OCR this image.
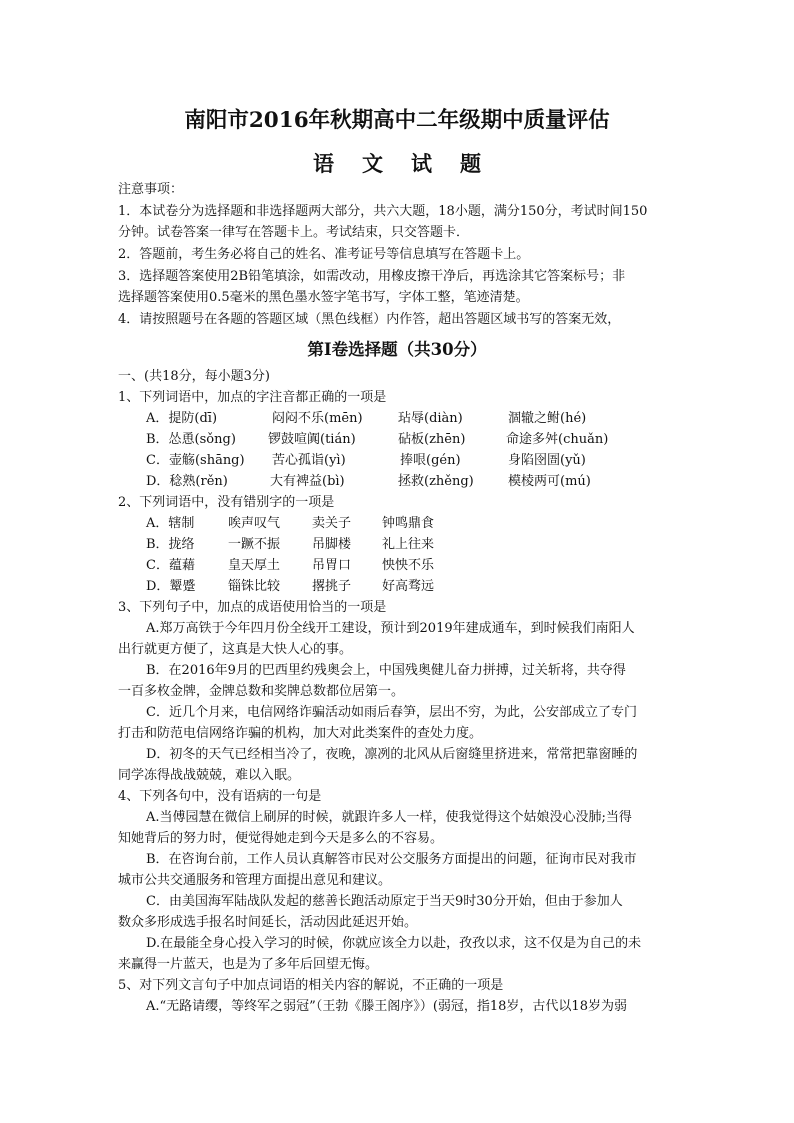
南阳市2016年秋期高中二年级期中质量评估
语 文 试 题
注意事项：
1．本试卷分为选择题和非选择题两大部分，共六大题，18小题，满分150分，考试时间150
分钟。试卷答案一律写在答题卡上。考试结束，只交答题卡．
2．答题前，考生务必将自己的姓名、准考证号等信息填写在答题卡上。
3．选择题答案使用2B铅笔填涂，如需改动，用橡皮擦干净后，再选涂其它答案标号；非
选择题答案使用0.5毫米的黑色墨水签字笔书写，字体工整，笔迹清楚。
4．请按照题号在各题的答题区域（黑色线框）内作答，超出答题区域书写的答案无效，
第Ⅰ卷选择题（共30分）
一、(共18分，每小题3分)
1、下列词语中，加点的字注音都正确的一项是
A．提防(dī)	闷闷不乐(mēn)	玷辱(diàn)	涸辙之鲋(hé)
B．怂恿(sǒng) 锣鼓喧阗(tián)	砧板(zhēn)	命途多舛(chuǎn)
C．壶觞(shāng) 苦心孤诣(yì)	捧哏(gén)	身陷囹圄(yǔ)
D．稔熟(rěn)	大有裨益(bì)	拯救(zhěng)	模棱两可(mú)
2、下列词语中，没有错别字的一项是
A．辖制	唉声叹气 卖关子 钟鸣鼎食
B．拢络	一蹶不振 吊脚楼 礼上往来
C．蕴藉	皇天厚土 吊胃口 怏怏不乐
D．颦蹙	锱铢比较 撂挑子 好高骛远
3、下列句子中，加点的成语使用恰当的一项是
A.郑万高铁于今年四月份全线开工建设，预计到2019年建成通车，到时候我们南阳人
出行就更方便了，这真是大快人心的事。
B．在2016年9月的巴西里约残奥会上，中国残奥健儿奋力拼搏，过关斩将，共夺得
一百多枚金牌，金牌总数和奖牌总数都位居第一。
C．近几个月来，电信网络诈骗活动如雨后春笋，层出不穷，为此，公安部成立了专门
打击和防范电信网络诈骗的机构，加大对此类案件的查处力度。
D．初冬的天气已经相当冷了，夜晚，凛冽的北风从后窗缝里挤进来，常常把靠窗睡的
同学冻得战战兢兢，难以入眠。
4、下列各句中，没有语病的一句是
A.当傅园慧在微信上刷屏的时候，就跟许多人一样，使我觉得这个姑娘没心没肺;当得
知她背后的努力时，便觉得她走到今天是多么的不容易。
B．在咨询台前，工作人员认真解答市民对公交服务方面提出的问题，征询市民对我市
城市公共交通服务和管理方面提出意见和建议。
C．由美国海军陆战队发起的慈善长跑活动原定于当天9时30分开始，但由于参加人
数众多形成选手报名时间延长，活动因此延迟开始。
D.在最能全身心投入学习的时候，你就应该全力以赴，孜孜以求，这不仅是为自己的未
来赢得一片蓝天，也是为了多年后回望无悔。
5、对下列文言句子中加点词语的相关内容的解说，不正确的一项是
A.“无路请缨，等终军之弱冠”（王勃《滕王阁序》）(弱冠，指18岁，古代以18岁为弱
